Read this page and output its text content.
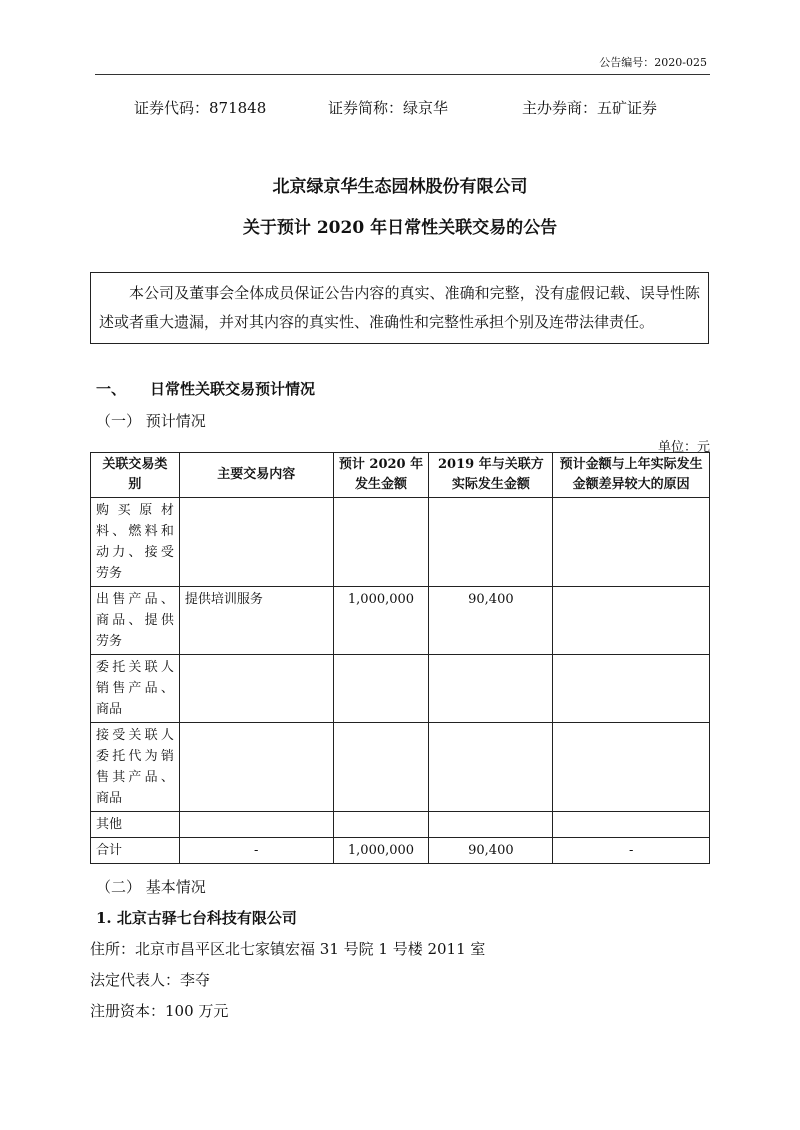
公告编号：2020-025
证券代码：871848	证券简称：绿京华	主办券商：五矿证券
北京绿京华生态园林股份有限公司
关于预计 2020 年日常性关联交易的公告

本公司及董事会全体成员保证公告内容的真实、准确和完整，没有虚假记载、误导性陈述或者重大遗漏，并对其内容的真实性、准确性和完整性承担个别及连带法律责任。

一、 日常性关联交易预计情况
（一） 预计情况
单位：元
关联交易类别	主要交易内容	预计 2020 年发生金额	2019 年与关联方实际发生金额	预计金额与上年实际发生金额差异较大的原因
购买原材料、燃料和动力、接受劳务				
出售产品、商品、提供劳务	提供培训服务	1,000,000	90,400	
委托关联人销售产品、商品				
接受关联人委托代为销售其产品、商品				
其他				
合计	-	1,000,000	90,400	-
（二） 基本情况
1. 北京古驿七台科技有限公司
住所：北京市昌平区北七家镇宏福 31 号院 1 号楼 2011 室
法定代表人：李夺
注册资本：100 万元
